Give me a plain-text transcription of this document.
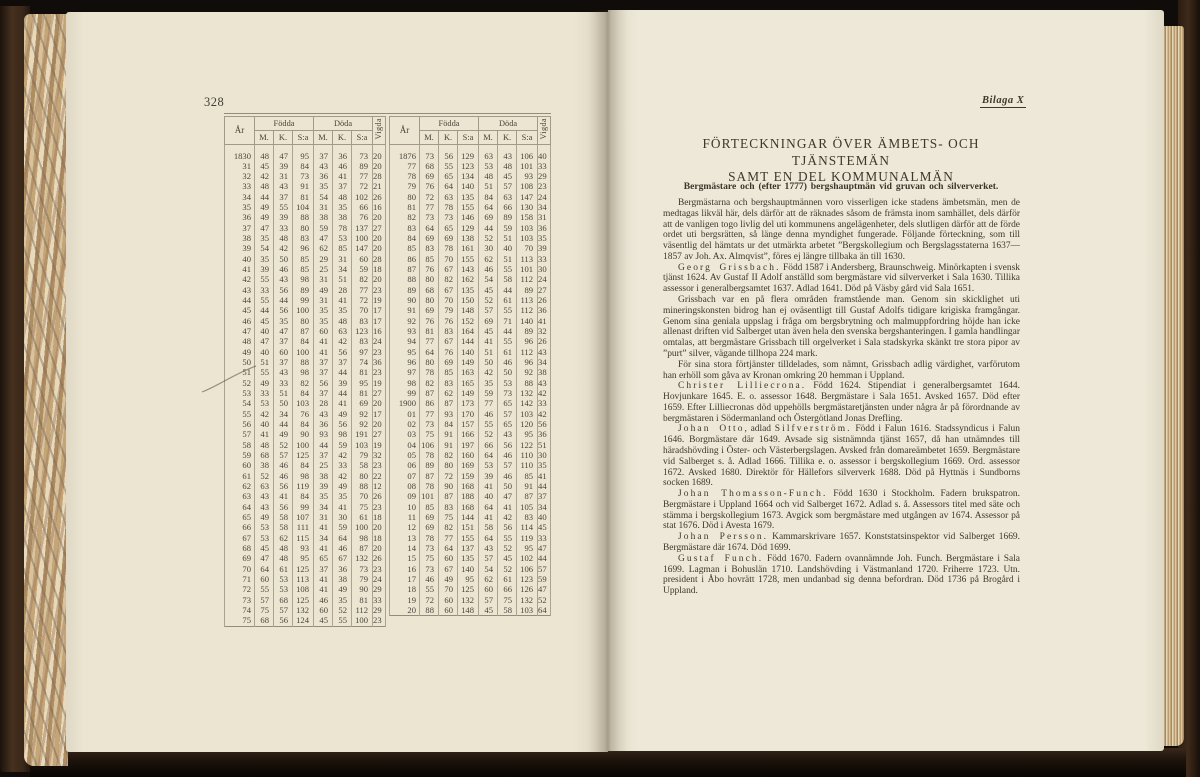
328
År	Födda			Döda			Vigda
	M.	K.	S:a	M.	K.	S:a	

1830	48	47	95	37	36	73	20
31	45	39	84	43	46	89	20
32	42	31	73	36	41	77	28
33	48	43	91	35	37	72	21
34	44	37	81	54	48	102	26
35	49	55	104	31	35	66	16
36	49	39	88	38	38	76	20
37	47	33	80	59	78	137	27
38	35	48	83	47	53	100	20
39	54	42	96	62	85	147	20
40	35	50	85	29	31	60	28
41	39	46	85	25	34	59	18
42	55	43	98	31	51	82	20
43	33	56	89	49	28	77	23
44	55	44	99	31	41	72	19
45	44	56	100	35	35	70	17
46	45	35	80	35	48	83	17
47	40	47	87	60	63	123	16
48	47	37	84	41	42	83	24
49	40	60	100	41	56	97	23
50	51	37	88	37	37	74	36
51	55	43	98	37	44	81	23
52	49	33	82	56	39	95	19
53	33	51	84	37	44	81	27
54	53	50	103	28	41	69	20
55	42	34	76	43	49	92	17
56	40	44	84	36	56	92	20
57	41	49	90	93	98	191	27
58	48	52	100	44	59	103	19
59	68	57	125	37	42	79	32
60	38	46	84	25	33	58	23
61	52	46	98	38	42	80	22
62	63	56	119	39	49	88	12
63	43	41	84	35	35	70	26
64	43	56	99	34	41	75	23
65	49	58	107	31	30	61	18
66	53	58	111	41	59	100	20
67	53	62	115	34	64	98	18
68	45	48	93	41	46	87	20
69	47	48	95	65	67	132	26
70	64	61	125	37	36	73	23
71	60	53	113	41	38	79	24
72	55	53	108	41	49	90	29
73	57	68	125	46	35	81	33
74	75	57	132	60	52	112	29
75	68	56	124	45	55	100	23
År	Födda			Döda			Vigda
	M.	K.	S:a	M.	K.	S:a	

1876	73	56	129	63	43	106	40
77	68	55	123	53	48	101	33
78	69	65	134	48	45	93	29
79	76	64	140	51	57	108	23
80	72	63	135	84	63	147	24
81	77	78	155	64	66	130	34
82	73	73	146	69	89	158	31
83	64	65	129	44	59	103	36
84	69	69	138	52	51	103	35
85	83	78	161	30	40	70	39
86	85	70	155	62	51	113	33
87	76	67	143	46	55	101	30
88	80	82	162	54	58	112	24
89	68	67	135	45	44	89	27
90	80	70	150	52	61	113	26
91	69	79	148	57	55	112	36
92	76	76	152	69	71	140	41
93	81	83	164	45	44	89	32
94	77	67	144	41	55	96	26
95	64	76	140	51	61	112	43
96	80	69	149	50	46	96	34
97	78	85	163	42	50	92	38
98	82	83	165	35	53	88	43
99	87	62	149	59	73	132	42
1900	86	87	173	77	65	142	33
01	77	93	170	46	57	103	42
02	73	84	157	55	65	120	56
03	75	91	166	52	43	95	36
04	106	91	197	66	56	122	51
05	78	82	160	64	46	110	30
06	89	80	169	53	57	110	35
07	87	72	159	39	46	85	41
08	78	90	168	41	50	91	44
09	101	87	188	40	47	87	37
10	85	83	168	64	41	105	34
11	69	75	144	41	42	83	40
12	69	82	151	58	56	114	45
13	78	77	155	64	55	119	33
14	73	64	137	43	52	95	47
15	75	60	135	57	45	102	44
16	73	67	140	54	52	106	57
17	46	49	95	62	61	123	59
18	55	70	125	60	66	126	47
19	72	60	132	57	75	132	52
20	88	60	148	45	58	103	64
Bilaga X
FÖRTECKNINGAR ÖVER ÄMBETS- OCH TJÄNSTEMÄN
SAMT EN DEL KOMMUNALMÄN
Bergmästare och (efter 1777) bergshauptmän vid gruvan och silververket.

Bergmästarna och bergshauptmännen voro visserligen icke stadens ämbetsmän, men de medtagas likväl här, dels därför att de räknades såsom de främsta inom samhället, dels därför att de vanligen togo livlig del uti kommunens angelägenheter, dels slutligen därför att de förde ordet uti bergsrätten, så länge denna myndighet fungerade. Följande förteckning, som till väsentlig del hämtats ur det utmärkta arbetet ”Bergskollegium och Bergslagsstaterna 1637—1857 av Joh. Ax. Almqvist”, föres ej längre tillbaka än till 1630.

Georg Grissbach. Född 1587 i Andersberg, Braunschweig. Minörkapten i svensk tjänst 1624. Av Gustaf II Adolf anställd som bergmästare vid silververket i Sala 1630. Tillika assessor i generalbergsamtet 1637. Adlad 1641. Död på Väsby gård vid Sala 1651.

Grissbach var en på flera områden framstående man. Genom sin skicklighet uti mineringskonsten bidrog han ej oväsentligt till Gustaf Adolfs tidigare krigiska framgångar. Genom sina geniala uppslag i fråga om bergsbrytning och malmuppfordring höjde han icke allenast driften vid Salberget utan även hela den svenska bergshanteringen. I gamla handlingar omtalas, att bergmästare Grissbach till orgelverket i Sala stadskyrka skänkt tre stora pipor av ”purt” silver, vägande tillhopa 224 mark.

För sina stora förtjänster tilldelades, som nämnt, Grissbach adlig värdighet, varförutom han erhöll som gåva av Kronan omkring 20 hemman i Uppland.

Christer Lilliecrona. Född 1624. Stipendiat i generalbergsamtet 1644. Hovjunkare 1645. E. o. assessor 1648. Bergmästare i Sala 1651. Avsked 1657. Död efter 1659. Efter Lilliecronas död uppehölls bergmästaretjänsten under några år på förordnande av bergmästaren i Södermanland och Östergötland Jonas Drefling.

Johan Otto, adlad Silfverström. Född i Falun 1616. Stadssyndicus i Falun 1646. Borgmästare där 1649. Avsade sig sistnämnda tjänst 1657, då han utnämndes till häradshövding i Öster- och Västerbergslagen. Avsked från domareämbetet 1659. Bergmästare vid Salberget s. å. Adlad 1666. Tillika e. o. assessor i bergskollegium 1669. Ord. assessor 1672. Avsked 1680. Direktör för Hällefors silververk 1688. Död på Hyttnäs i Sundborns socken 1689.

Johan Thomasson-Funch. Född 1630 i Stockholm. Fadern brukspatron. Bergmästare i Uppland 1664 och vid Salberget 1672. Adlad s. å. Assessors titel med säte och stämma i bergskollegium 1673. Avgick som bergmästare med utgången av 1674. Assessor på stat 1676. Död i Avesta 1679.

Johan Persson. Kammarskrivare 1657. Konststatsinspektor vid Salberget 1669. Bergmästare där 1674. Död 1699.

Gustaf Funch. Född 1670. Fadern ovannämnde Joh. Funch. Bergmästare i Sala 1699. Lagman i Bohuslän 1710. Landshövding i Västmanland 1720. Friherre 1723. Utn. president i Åbo hovrätt 1728, men undanbad sig denna befordran. Död 1736 på Brogård i Uppland.
